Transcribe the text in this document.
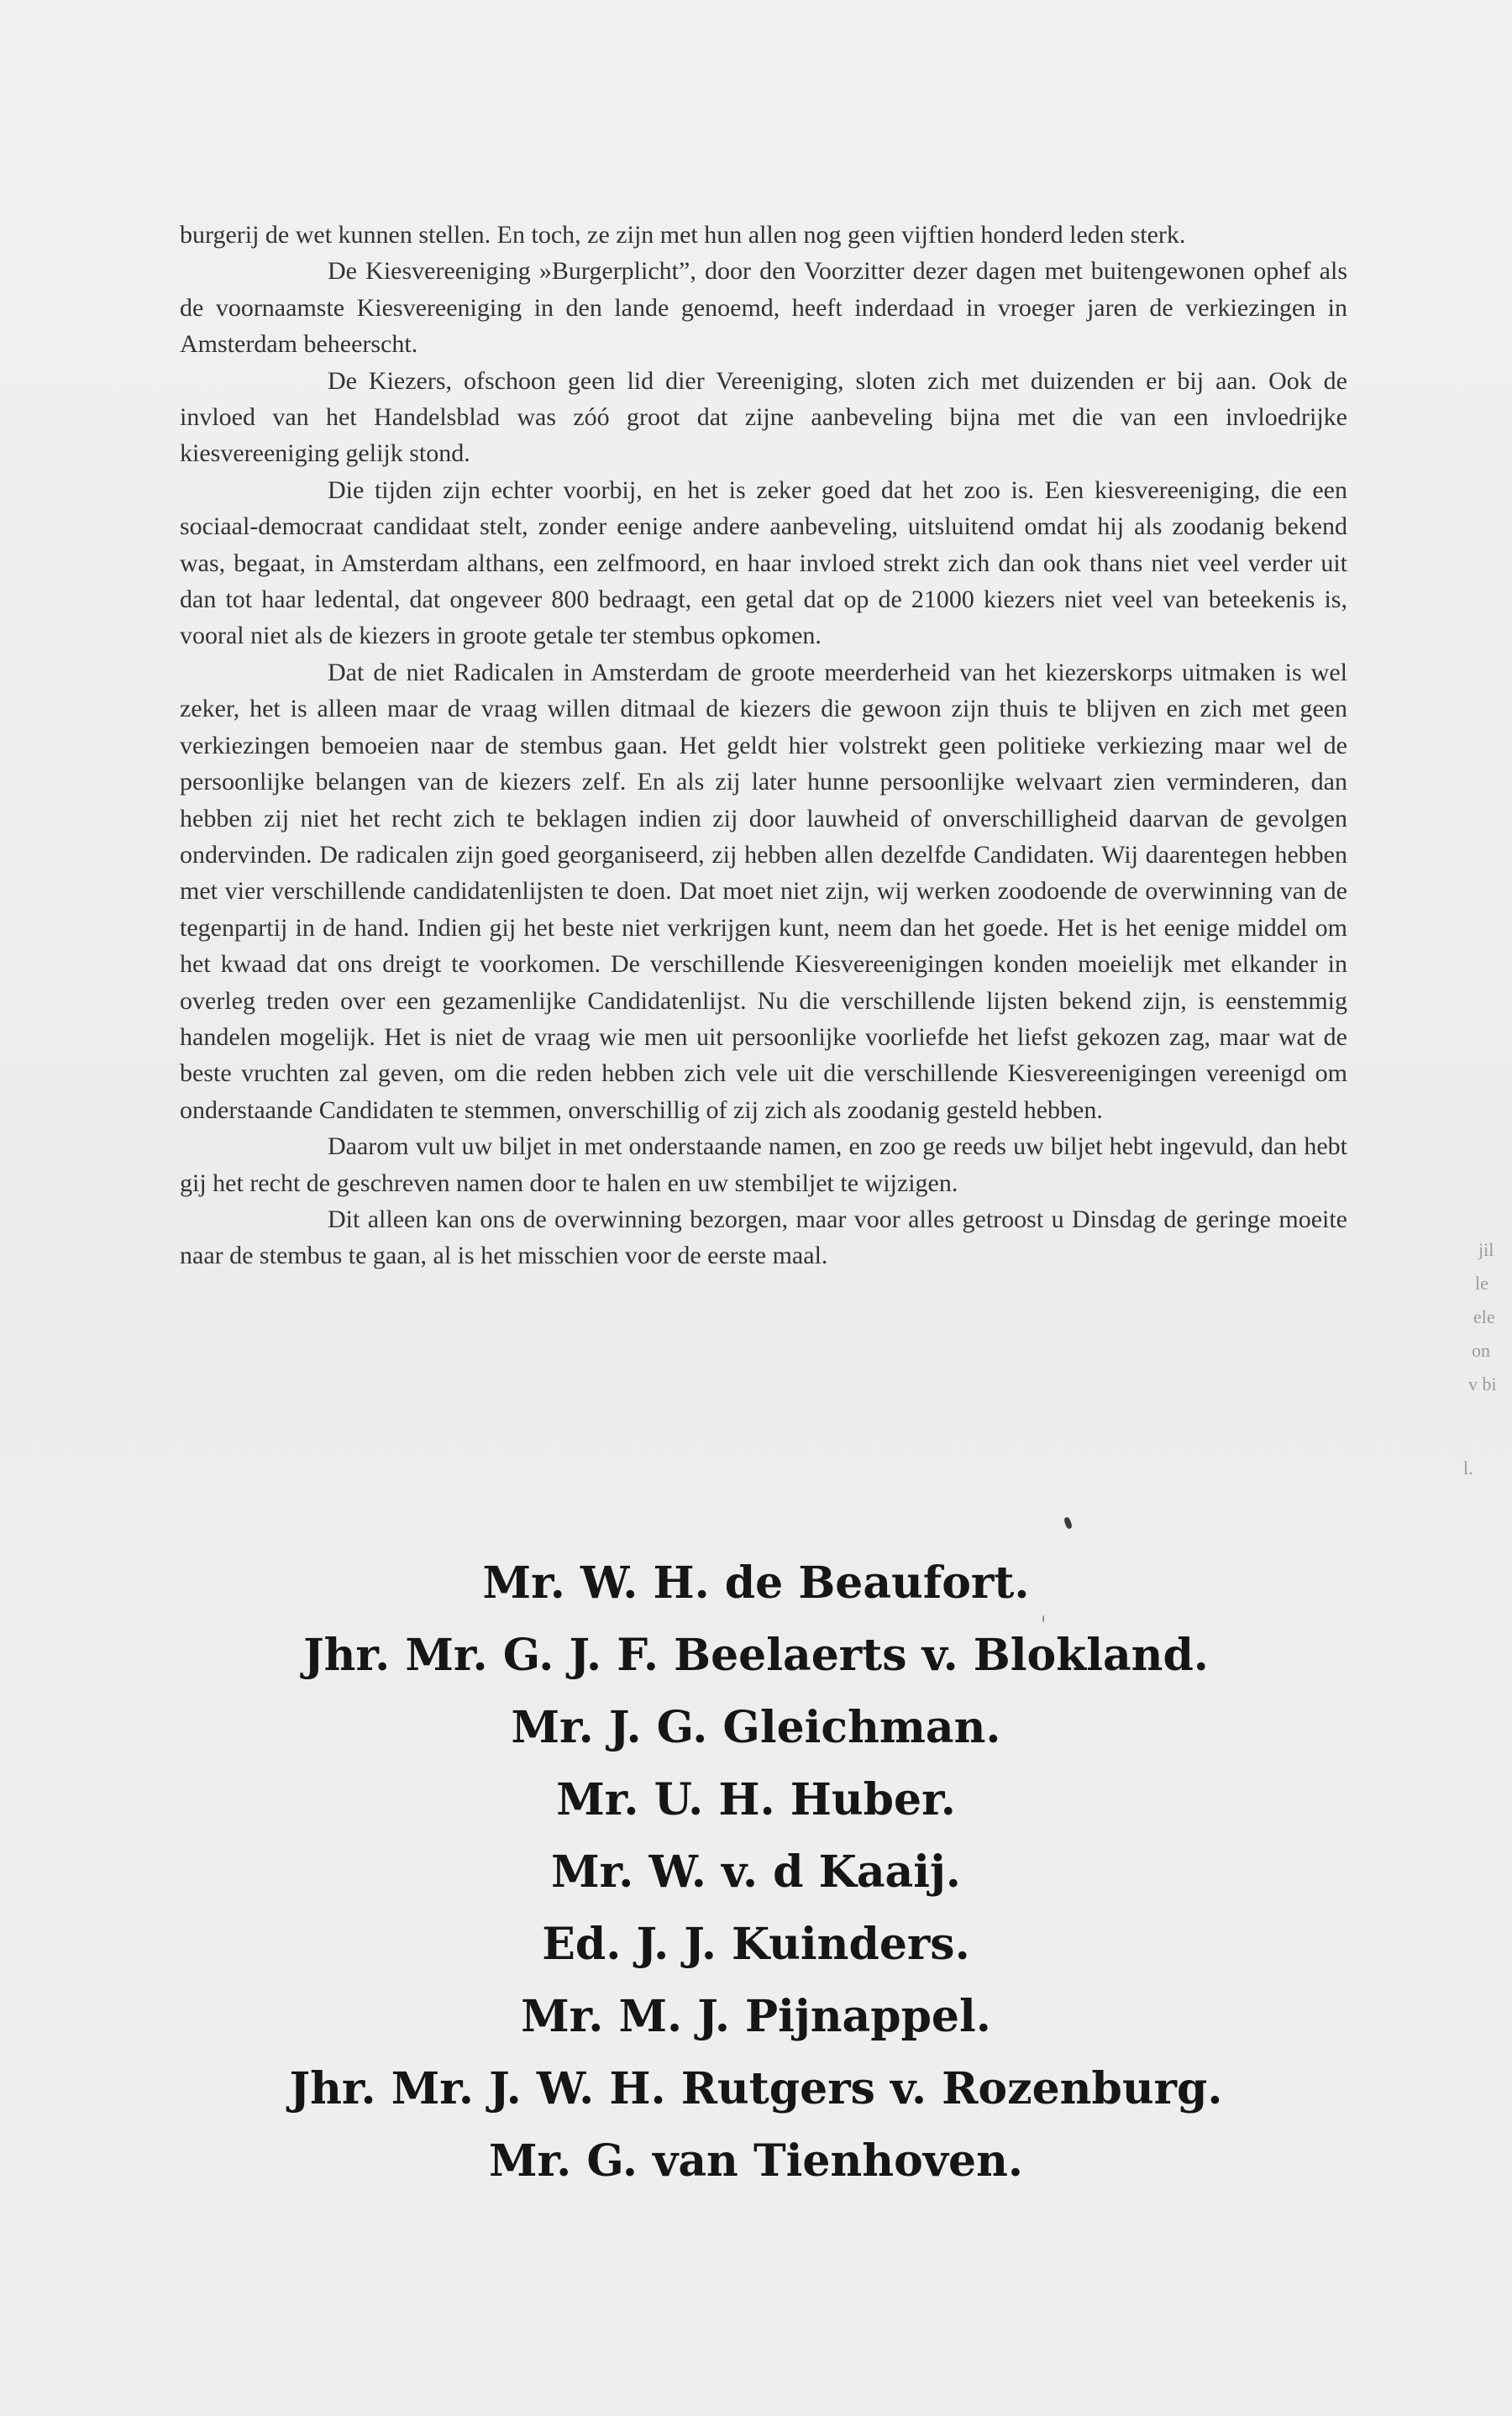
burgerij de wet kunnen stellen. En toch, ze zijn met hun allen nog geen vijftien honderd leden sterk.

De Kiesvereeniging »Burgerplicht”, door den Voorzitter dezer dagen met buitengewonen ophef als de voornaamste Kiesvereeniging in den lande genoemd, heeft inderdaad in vroeger jaren de verkiezingen in Amsterdam beheerscht.

De Kiezers, ofschoon geen lid dier Vereeniging, sloten zich met duizenden er bij aan. Ook de invloed van het Handelsblad was zóó groot dat zijne aanbeveling bijna met die van een invloedrijke kiesvereeniging gelijk stond.

Die tijden zijn echter voorbij, en het is zeker goed dat het zoo is. Een kiesvereeniging, die een sociaal-democraat candidaat stelt, zonder eenige andere aanbeveling, uitsluitend omdat hij als zoodanig bekend was, begaat, in Amsterdam althans, een zelfmoord, en haar invloed strekt zich dan ook thans niet veel verder uit dan tot haar ledental, dat ongeveer 800 bedraagt, een getal dat op de 21000 kiezers niet veel van beteekenis is, vooral niet als de kiezers in groote getale ter stembus opkomen.

Dat de niet Radicalen in Amsterdam de groote meerderheid van het kiezerskorps uitmaken is wel zeker, het is alleen maar de vraag willen ditmaal de kiezers die gewoon zijn thuis te blijven en zich met geen verkiezingen bemoeien naar de stembus gaan. Het geldt hier volstrekt geen politieke verkiezing maar wel de persoonlijke belangen van de kiezers zelf. En als zij later hunne persoonlijke welvaart zien verminderen, dan hebben zij niet het recht zich te beklagen indien zij door lauwheid of onverschilligheid daarvan de gevolgen ondervinden. De radicalen zijn goed georganiseerd, zij hebben allen dezelfde Candidaten. Wij daarentegen hebben met vier verschillende candidatenlijsten te doen. Dat moet niet zijn, wij werken zoodoende de overwinning van de tegenpartij in de hand. Indien gij het beste niet verkrijgen kunt, neem dan het goede. Het is het eenige middel om het kwaad dat ons dreigt te voorkomen. De verschillende Kiesvereenigingen konden moeielijk met elkander in overleg treden over een gezamenlijke Candidatenlijst. Nu die verschillende lijsten bekend zijn, is eenstemmig handelen mogelijk. Het is niet de vraag wie men uit persoonlijke voorliefde het liefst gekozen zag, maar wat de beste vruchten zal geven, om die reden hebben zich vele uit die verschillende Kiesvereenigingen vereenigd om onderstaande Candidaten te stemmen, onverschillig of zij zich als zoodanig gesteld hebben.

Daarom vult uw biljet in met onderstaande namen, en zoo ge reeds uw biljet hebt ingevuld, dan hebt gij het recht de geschreven namen door te halen en uw stembiljet te wijzigen.

Dit alleen kan ons de overwinning bezorgen, maar voor alles getroost u Dinsdag de geringe moeite naar de stembus te gaan, al is het misschien voor de eerste maal.

Mr. W. H. de Beaufort.
Jhr. Mr. G. J. F. Beelaerts v. Blokland.
Mr. J. G. Gleichman.
Mr. U. H. Huber.
Mr. W. v. d Kaaij.
Ed. J. J. Kuinders.
Mr. M. J. Pijnappel.
Jhr. Mr. J. W. H. Rutgers v. Rozenburg.
Mr. G. van Tienhoven.
jil
le
ele
on
v bi
l.
